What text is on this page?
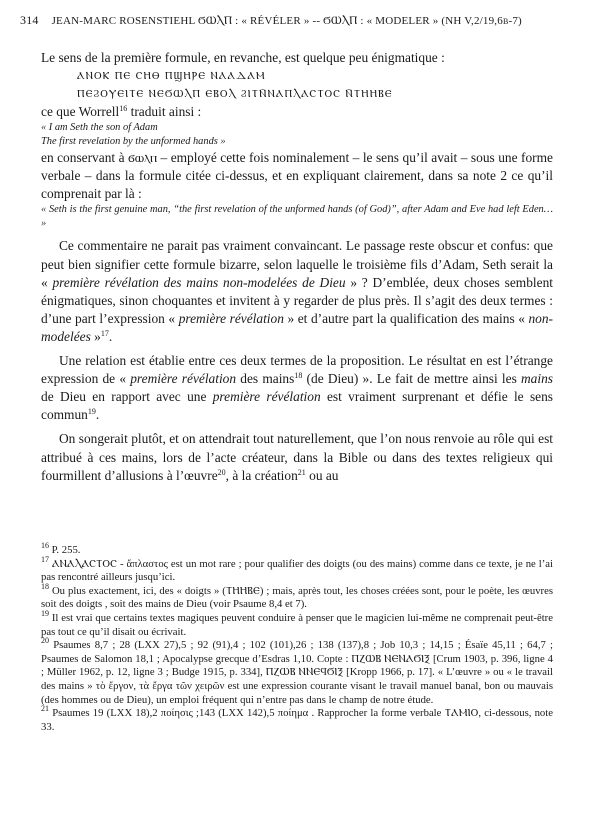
314 JEAN-MARC ROSENSTIEHL ϬⲰⲖⲠ : « RÉVÉLER » -- ϬⲰⲖⲠ : « MODELER » (NH V,2/19,6b-7)

Le sens de la première formule, en revanche, est quelque peu énigmatique :

ⲀⲚⲞⲔ ⲠⲈ ⲤⲎⲐ ⲠϢⲎⲢⲈ ⲚⲀⲀⲆⲀⲘ
ⲠⲈϨⲞⲨⲈⲒⲦⲈ ⲚⲈϬⲰⲖⲠ ⲈⲂⲞⲖ ϨⲒⲦⲚ̄ⲚⲀⲠⲖⲀⲤⲦⲞⲤ Ⲛ̄ⲦⲎⲎⲂⲈ

ce que Worrell$^{16}$ traduit ainsi :

« I am Seth the son of Adam

The first revelation by the unformed hands »

en conservant à ϭⲱⲗⲡ – employé cette fois nominalement – le sens qu’il avait – sous une forme verbale – dans la formule citée ci-dessus, et en expliquant clairement, dans sa note 2 ce qu’il comprenait par là :

« Seth is the first genuine man, “the first revelation of the unformed hands (of God)”, after Adam and Eve had left Eden… »

Ce commentaire ne parait pas vraiment convaincant. Le passage reste obscur et confus: que peut bien signifier cette formule bizarre, selon laquelle le troisième fils d’Adam, Seth serait la « première révélation des mains non-modelées de Dieu » ? D’emblée, deux choses semblent énigmatiques, sinon choquantes et invitent à y regarder de plus près. Il s’agit des deux termes : d’une part l’expression « première révélation » et d’autre part la qualification des mains « non-modelées »$^{17}$.

Une relation est établie entre ces deux termes de la proposition. Le résultat en est l’étrange expression de « première révélation des mains$^{18}$ (de Dieu) ». Le fait de mettre ainsi les mains de Dieu en rapport avec une première révélation est vraiment surprenant et défie le sens commun$^{19}$.

On songerait plutôt, et on attendrait tout naturellement, que l’on nous renvoie au rôle qui est attribué à ces mains, lors de l’acte créateur, dans la Bible ou dans des textes religieux qui fourmillent d’allusions à l’œuvre$^{20}$, à la création$^{21}$ ou au

$^{16}$ P. 255.

$^{17}$ ⲀⲚⲀⲖⲀⲤⲦⲞⲤ - ἄπλαστος est un mot rare ; pour qualifier des doigts (ou des mains) comme dans ce texte, je ne l’ai pas rencontré ailleurs jusqu’ici.

$^{18}$ Ou plus exactement, ici, des « doigts » (ⲦⲎⲎⲂⲈ) ; mais, après tout, les choses créées sont, pour le poète, les œuvres soit des doigts , soit des mains de Dieu (voir Psaume 8,4 et 7).

$^{19}$ Il est vrai que certains textes magiques peuvent conduire à penser que le magicien lui-même ne comprenait peut-être pas tout ce qu’il disait ou écrivait.

$^{20}$ Psaumes 8,7 ; 28 (LXX 27),5 ; 92 (91),4 ; 102 (101),26 ; 138 (137),8 ; Job 10,3 ; 14,15 ; Ésaïe 45,11 ; 64,7 ; Psaumes de Salomon 18,1 ; Apocalypse grecque d’Esdras 1,10. Copte : ⲠⲌⲰⲂ ⲚⲈⲚⲀϬⲒⲜ [Crum 1903, p. 396, ligne 4 ; Müller 1962, p. 12, ligne 3 ; Budge 1915, p. 334], ⲠⲌⲰⲂ ⲚⲚⲈϤϬⲒⲜ [Kropp 1966, p. 17]. « L’œuvre » ou « le travail des mains » τὸ ἔργον, τὰ ἔργα τῶν χειρῶν est une expression courante visant le travail manuel banal, bon ou mauvais (des hommes ou de Dieu), un emploi fréquent qui n’entre pas dans le champ de notre étude.

$^{21}$ Psaumes 19 (LXX 18),2 ποίησις ;143 (LXX 142),5 ποίημα . Rapprocher la forme verbale ⲦⲀⲘⲒⲞ, ci-dessous, note 33.
